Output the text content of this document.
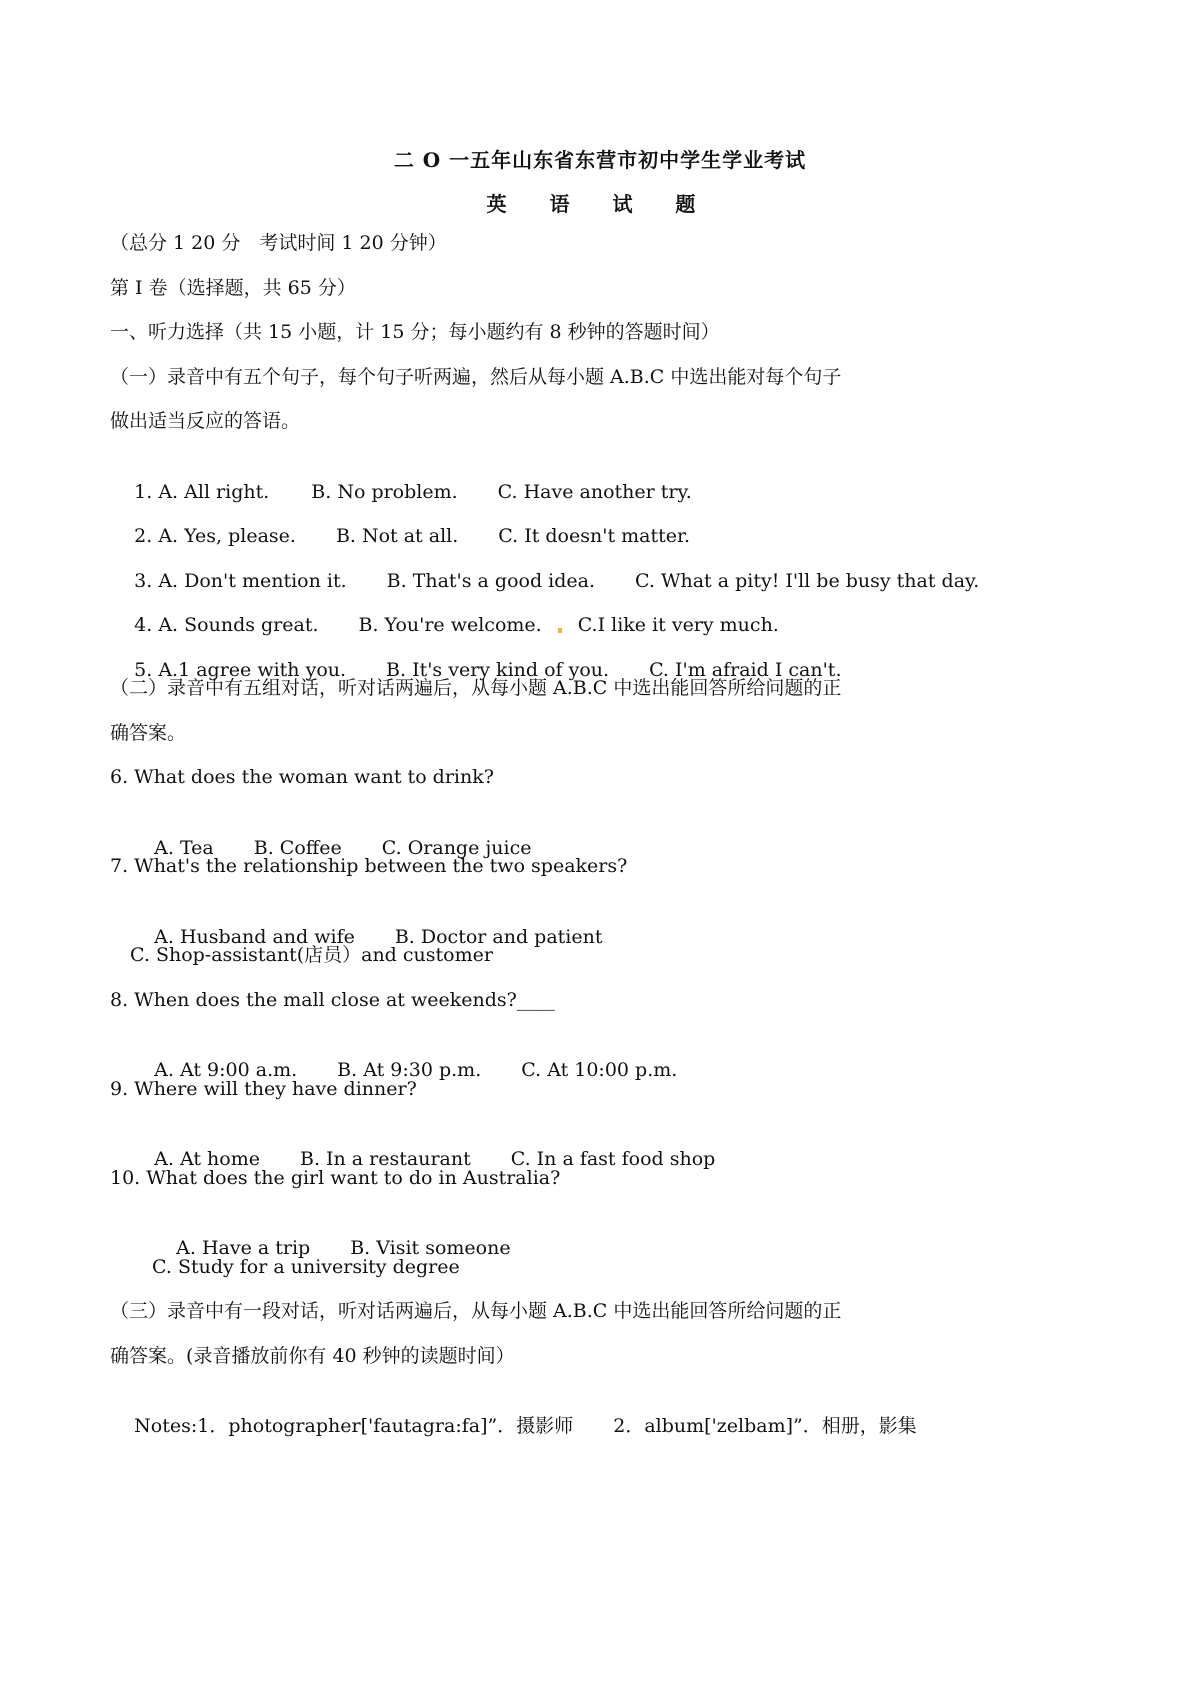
二 O 一五年山东省东营市初中学生学业考试
英 语 试 题
（总分 1 20 分　考试时间 1 20 分钟）
第 I 卷（选择题，共 65 分）
一、听力选择（共 15 小题，计 15 分；每小题约有 8 秒钟的答题时间）
（一）录音中有五个句子，每个句子听两遍，然后从每小题 A.B.C 中选出能对每个句子
做出适当反应的答语。

1. A. All right. B. No problem. C. Have another try.

2. A. Yes, please. B. Not at all. C. It doesn't matter.

3. A. Don't mention it. B. That's a good idea. C. What a pity! I'll be busy that day.

4. A. Sounds great. B. You're welcome. C.I like it very much.

5. A.1 agree with you. B. It's very kind of you. C. I'm afraid I can't.

（二）录音中有五组对话，听对话两遍后，从每小题 A.B.C 中选出能回答所给问题的正
确答案。
6. What does the woman want to drink?

A. Tea B. Coffee C. Orange juice

7. What's the relationship between the two speakers?

A. Husband and wife B. Doctor and patient

C. Shop-assistant(店员）and customer
8. When does the mall close at weekends?____

A. At 9:00 a.m. B. At 9:30 p.m. C. At 10:00 p.m.

9. Where will they have dinner?

A. At home B. In a restaurant C. In a fast food shop

10. What does the girl want to do in Australia?

A. Have a trip B. Visit someone

C. Study for a university degree
（三）录音中有一段对话，听对话两遍后，从每小题 A.B.C 中选出能回答所给问题的正
确答案。(录音播放前你有 40 秒钟的读题时间）

Notes:1．photographer['fautagra:fa]”．摄影师 2．album['zelbam]”．相册，影集
